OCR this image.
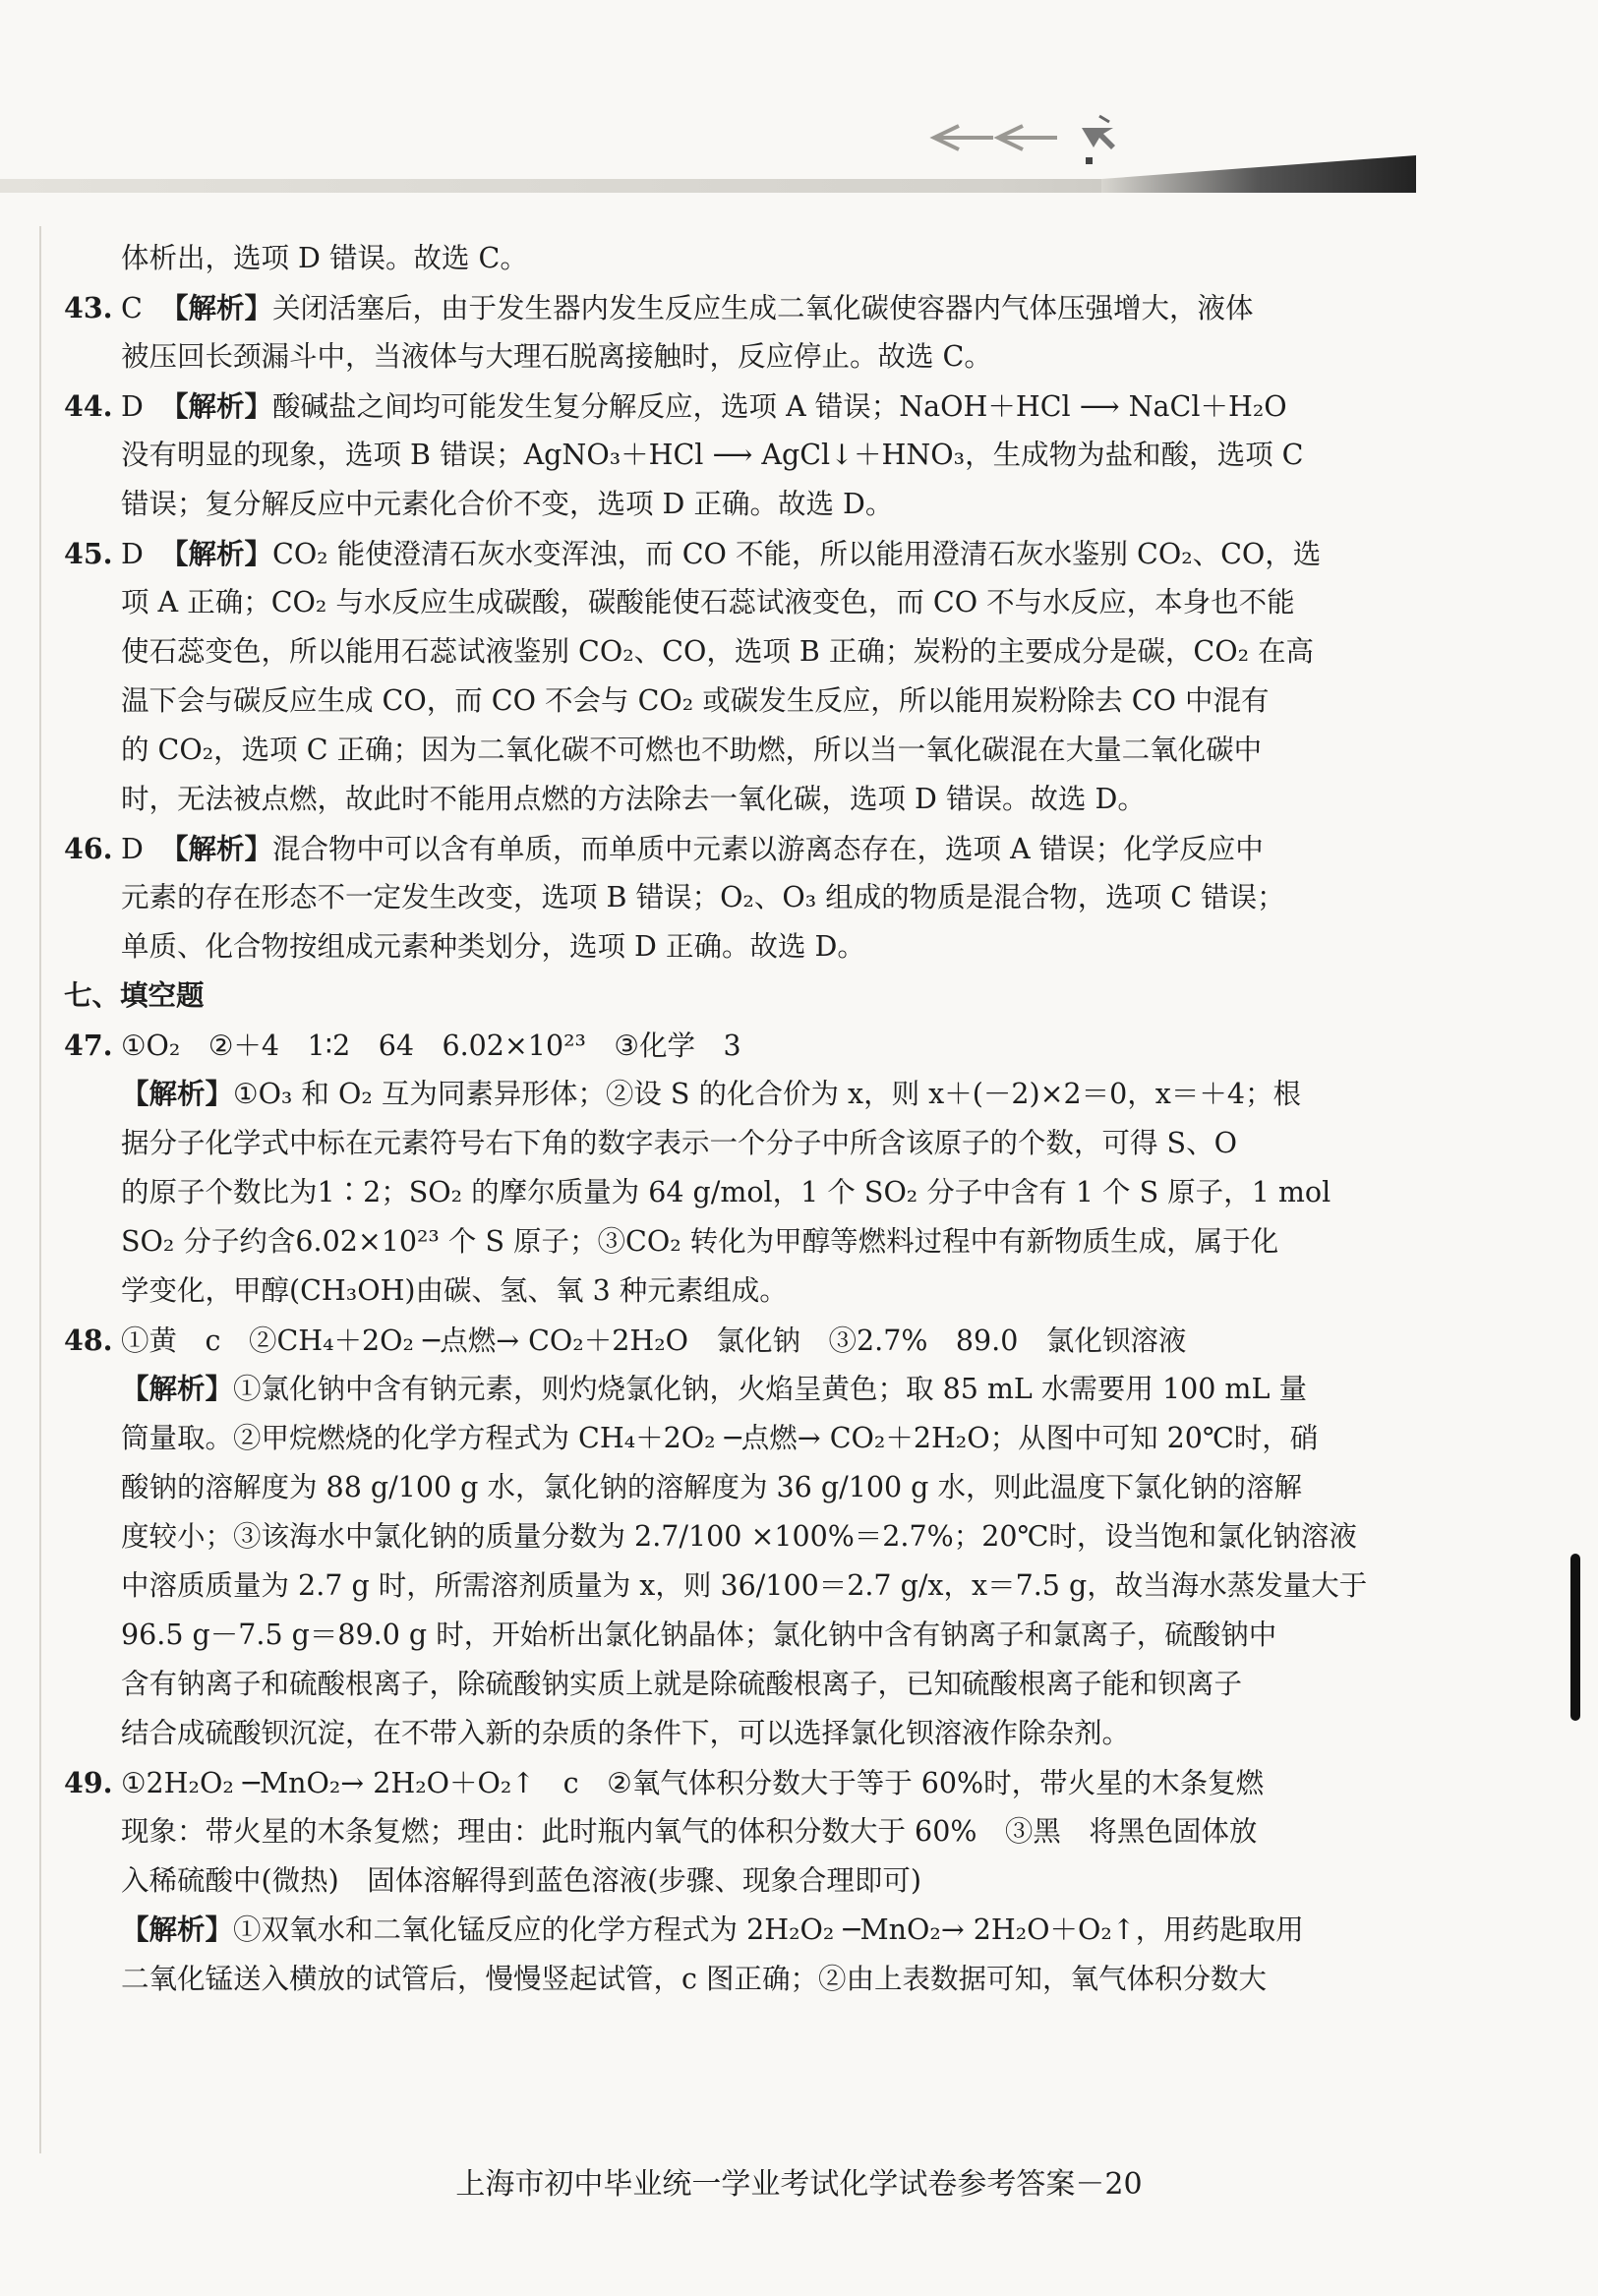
体析出，选项 D 错误。故选 C。
43. C 【解析】关闭活塞后，由于发生器内发生反应生成二氧化碳使容器内气体压强增大，液体
被压回长颈漏斗中，当液体与大理石脱离接触时，反应停止。故选 C。
44. D 【解析】酸碱盐之间均可能发生复分解反应，选项 A 错误；NaOH＋HCl ⟶ NaCl＋H₂O
没有明显的现象，选项 B 错误；AgNO₃＋HCl ⟶ AgCl↓＋HNO₃，生成物为盐和酸，选项 C
错误；复分解反应中元素化合价不变，选项 D 正确。故选 D。
45. D 【解析】CO₂ 能使澄清石灰水变浑浊，而 CO 不能，所以能用澄清石灰水鉴别 CO₂、CO，选
项 A 正确；CO₂ 与水反应生成碳酸，碳酸能使石蕊试液变色，而 CO 不与水反应，本身也不能
使石蕊变色，所以能用石蕊试液鉴别 CO₂、CO，选项 B 正确；炭粉的主要成分是碳，CO₂ 在高
温下会与碳反应生成 CO，而 CO 不会与 CO₂ 或碳发生反应，所以能用炭粉除去 CO 中混有
的 CO₂，选项 C 正确；因为二氧化碳不可燃也不助燃，所以当一氧化碳混在大量二氧化碳中
时，无法被点燃，故此时不能用点燃的方法除去一氧化碳，选项 D 错误。故选 D。
46. D 【解析】混合物中可以含有单质，而单质中元素以游离态存在，选项 A 错误；化学反应中
元素的存在形态不一定发生改变，选项 B 错误；O₂、O₃ 组成的物质是混合物，选项 C 错误；
单质、化合物按组成元素种类划分，选项 D 正确。故选 D。
七、填空题
47. ①O₂　②＋4　1∶2　64　6.02×10²³　③化学　3
【解析】①O₃ 和 O₂ 互为同素异形体；②设 S 的化合价为 x，则 x＋(－2)×2＝0，x＝＋4；根
据分子化学式中标在元素符号右下角的数字表示一个分子中所含该原子的个数，可得 S、O
的原子个数比为1∶2；SO₂ 的摩尔质量为 64 g/mol，1 个 SO₂ 分子中含有 1 个 S 原子，1 mol
SO₂ 分子约含6.02×10²³ 个 S 原子；③CO₂ 转化为甲醇等燃料过程中有新物质生成，属于化
学变化，甲醇(CH₃OH)由碳、氢、氧 3 种元素组成。
48. ①黄　c　②CH₄＋2O₂ ─点燃→ CO₂＋2H₂O　氯化钠　③2.7%　89.0　氯化钡溶液
【解析】①氯化钠中含有钠元素，则灼烧氯化钠，火焰呈黄色；取 85 mL 水需要用 100 mL 量
筒量取。②甲烷燃烧的化学方程式为 CH₄＋2O₂ ─点燃→ CO₂＋2H₂O；从图中可知 20℃时，硝
酸钠的溶解度为 88 g/100 g 水，氯化钠的溶解度为 36 g/100 g 水，则此温度下氯化钠的溶解
度较小；③该海水中氯化钠的质量分数为 2.7/100 ×100%＝2.7%；20℃时，设当饱和氯化钠溶液
中溶质质量为 2.7 g 时，所需溶剂质量为 x，则 36/100＝2.7 g/x，x＝7.5 g，故当海水蒸发量大于
96.5 g－7.5 g＝89.0 g 时，开始析出氯化钠晶体；氯化钠中含有钠离子和氯离子，硫酸钠中
含有钠离子和硫酸根离子，除硫酸钠实质上就是除硫酸根离子，已知硫酸根离子能和钡离子
结合成硫酸钡沉淀，在不带入新的杂质的条件下，可以选择氯化钡溶液作除杂剂。
49. ①2H₂O₂ ─MnO₂→ 2H₂O＋O₂↑　c　②氧气体积分数大于等于 60%时，带火星的木条复燃
现象：带火星的木条复燃；理由：此时瓶内氧气的体积分数大于 60%　③黑　将黑色固体放
入稀硫酸中(微热)　固体溶解得到蓝色溶液(步骤、现象合理即可)
【解析】①双氧水和二氧化锰反应的化学方程式为 2H₂O₂ ─MnO₂→ 2H₂O＋O₂↑，用药匙取用
二氧化锰送入横放的试管后，慢慢竖起试管，c 图正确；②由上表数据可知，氧气体积分数大
上海市初中毕业统一学业考试化学试卷参考答案－20
